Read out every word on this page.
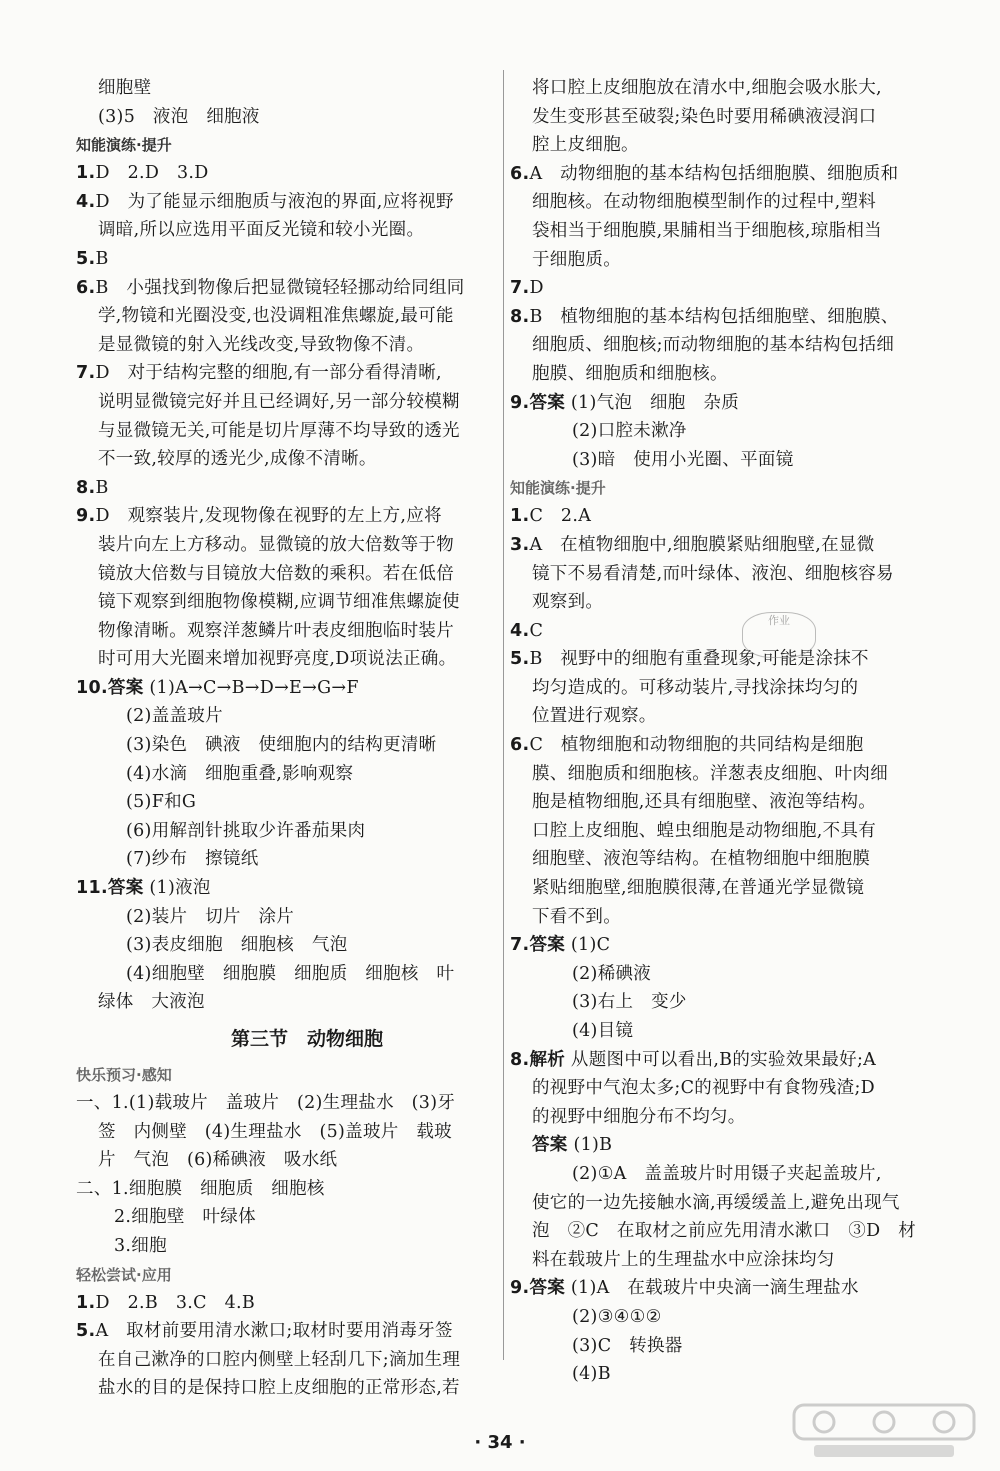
细胞壁
(3)5　液泡　细胞液
知能演练·提升
1.D　2.D　3.D
4.D　为了能显示细胞质与液泡的界面,应将视野
调暗,所以应选用平面反光镜和较小光圈。
5.B
6.B　小强找到物像后把显微镜轻轻挪动给同组同
学,物镜和光圈没变,也没调粗准焦螺旋,最可能
是显微镜的射入光线改变,导致物像不清。
7.D　对于结构完整的细胞,有一部分看得清晰,
说明显微镜完好并且已经调好,另一部分较模糊
与显微镜无关,可能是切片厚薄不均导致的透光
不一致,较厚的透光少,成像不清晰。
8.B
9.D　观察装片,发现物像在视野的左上方,应将
装片向左上方移动。显微镜的放大倍数等于物
镜放大倍数与目镜放大倍数的乘积。若在低倍
镜下观察到细胞物像模糊,应调节细准焦螺旋使
物像清晰。观察洋葱鳞片叶表皮细胞临时装片
时可用大光圈来增加视野亮度,D项说法正确。
10.答案 (1)A→C→B→D→E→G→F
(2)盖盖玻片
(3)染色　碘液　使细胞内的结构更清晰
(4)水滴　细胞重叠,影响观察
(5)F和G
(6)用解剖针挑取少许番茄果肉
(7)纱布　擦镜纸
11.答案 (1)液泡
(2)装片　切片　涂片
(3)表皮细胞　细胞核　气泡
(4)细胞壁　细胞膜　细胞质　细胞核　叶
绿体　大液泡
第三节　动物细胞
快乐预习·感知
一、1.(1)载玻片　盖玻片　(2)生理盐水　(3)牙
签　内侧壁　(4)生理盐水　(5)盖玻片　载玻
片　气泡　(6)稀碘液　吸水纸
二、1.细胞膜　细胞质　细胞核
2.细胞壁　叶绿体
3.细胞
轻松尝试·应用
1.D　2.B　3.C　4.B
5.A　取材前要用清水漱口;取材时要用消毒牙签
在自己漱净的口腔内侧壁上轻刮几下;滴加生理
盐水的目的是保持口腔上皮细胞的正常形态,若
将口腔上皮细胞放在清水中,细胞会吸水胀大,
发生变形甚至破裂;染色时要用稀碘液浸润口
腔上皮细胞。
6.A　动物细胞的基本结构包括细胞膜、细胞质和
细胞核。在动物细胞模型制作的过程中,塑料
袋相当于细胞膜,果脯相当于细胞核,琼脂相当
于细胞质。
7.D
8.B　植物细胞的基本结构包括细胞壁、细胞膜、
细胞质、细胞核;而动物细胞的基本结构包括细
胞膜、细胞质和细胞核。
9.答案 (1)气泡　细胞　杂质
(2)口腔未漱净
(3)暗　使用小光圈、平面镜
知能演练·提升
1.C　2.A
3.A　在植物细胞中,细胞膜紧贴细胞壁,在显微
镜下不易看清楚,而叶绿体、液泡、细胞核容易
观察到。
4.C
5.B　视野中的细胞有重叠现象,可能是涂抹不
均匀造成的。可移动装片,寻找涂抹均匀的
位置进行观察。
6.C　植物细胞和动物细胞的共同结构是细胞
膜、细胞质和细胞核。洋葱表皮细胞、叶肉细
胞是植物细胞,还具有细胞壁、液泡等结构。
口腔上皮细胞、蝗虫细胞是动物细胞,不具有
细胞壁、液泡等结构。在植物细胞中细胞膜
紧贴细胞壁,细胞膜很薄,在普通光学显微镜
下看不到。
7.答案 (1)C
(2)稀碘液
(3)右上　变少
(4)目镜
8.解析 从题图中可以看出,B的实验效果最好;A
的视野中气泡太多;C的视野中有食物残渣;D
的视野中细胞分布不均匀。
答案 (1)B
(2)①A　盖盖玻片时用镊子夹起盖玻片,
使它的一边先接触水滴,再缓缓盖上,避免出现气
泡　②C　在取材之前应先用清水漱口　③D　材
料在载玻片上的生理盐水中应涂抹均匀
9.答案 (1)A　在载玻片中央滴一滴生理盐水
(2)③④①②
(3)C　转换器
(4)B
作业
· 34 ·
